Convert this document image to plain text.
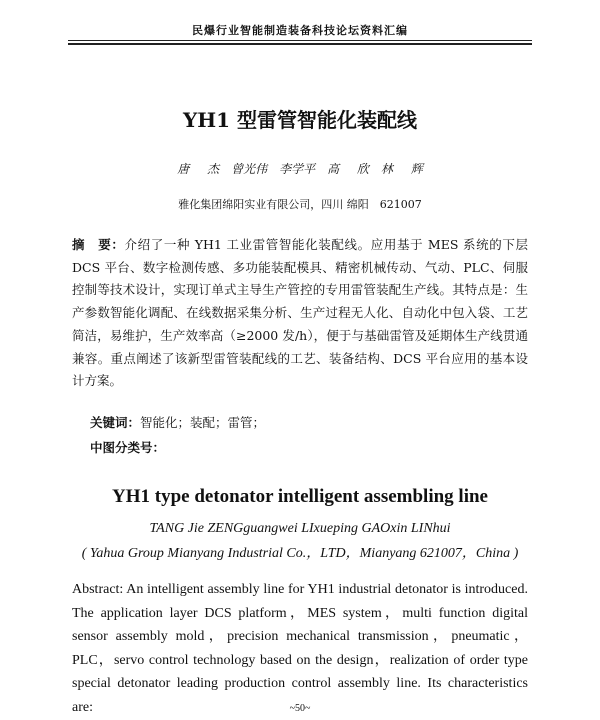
民爆行业智能制造装备科技论坛资料汇编
YH1 型雷管智能化装配线
唐 杰　曾光伟　李学平　高 欣　林 辉
雅化集团绵阳实业有限公司，四川 绵阳　621007

摘　要：介绍了一种 YH1 工业雷管智能化装配线。应用基于 MES 系统的下层 DCS 平台、数字检测传感、多功能装配模具、精密机械传动、气动、PLC、伺服控制等技术设计，实现订单式主导生产管控的专用雷管装配生产线。其特点是：生产参数智能化调配、在线数据采集分析、生产过程无人化、自动化中包入袋、工艺简洁，易维护，生产效率高（≥2000 发/h），便于与基础雷管及延期体生产线贯通兼容。重点阐述了该新型雷管装配线的工艺、装备结构、DCS 平台应用的基本设计方案。

关键词：智能化；装配；雷管；
中图分类号：
YH1 type detonator intelligent assembling line
TANG Jie ZENGguangwei LIxueping GAOxin LINhui
( Yahua Group Mianyang Industrial Co.，LTD，Mianyang 621007，China )

Abstract: An intelligent assembly line for YH1 industrial detonator is introduced. The application layer DCS platform，MES system，multi function digital sensor assembly mold，precision mechanical transmission，pneumatic，PLC，servo control technology based on the design，realization of order type special detonator leading production control assembly line. Its characteristics are:	~50~
